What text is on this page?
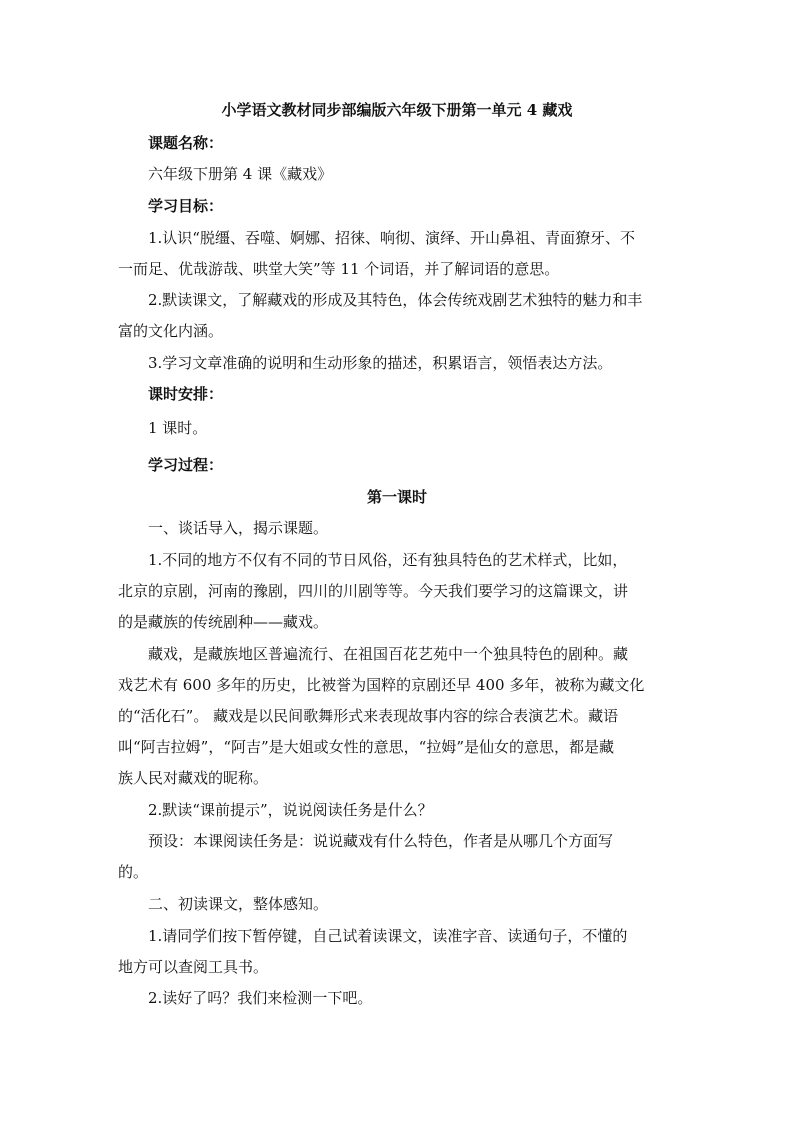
小学语文教材同步部编版六年级下册第一单元 4 藏戏
课题名称：
六年级下册第 4 课《藏戏》
学习目标：
1.认识“脱缰、吞噬、婀娜、招徕、响彻、演绎、开山鼻祖、青面獠牙、不
一而足、优哉游哉、哄堂大笑”等 11 个词语，并了解词语的意思。
2.默读课文，了解藏戏的形成及其特色，体会传统戏剧艺术独特的魅力和丰
富的文化内涵。
3.学习文章准确的说明和生动形象的描述，积累语言，领悟表达方法。
课时安排：
1 课时。
学习过程：
第一课时
一、谈话导入，揭示课题。
1.不同的地方不仅有不同的节日风俗，还有独具特色的艺术样式，比如，
北京的京剧，河南的豫剧，四川的川剧等等。今天我们要学习的这篇课文，讲
的是藏族的传统剧种——藏戏。
藏戏，是藏族地区普遍流行、在祖国百花艺苑中一个独具特色的剧种。藏
戏艺术有 600 多年的历史，比被誉为国粹的京剧还早 400 多年，被称为藏文化
的“活化石”。 藏戏是以民间歌舞形式来表现故事内容的综合表演艺术。藏语
叫“阿吉拉姆”，“阿吉”是大姐或女性的意思，“拉姆”是仙女的意思，都是藏
族人民对藏戏的昵称。
2.默读“课前提示”，说说阅读任务是什么？
预设：本课阅读任务是：说说藏戏有什么特色，作者是从哪几个方面写
的。
二、初读课文，整体感知。
1.请同学们按下暂停键，自己试着读课文，读准字音、读通句子，不懂的
地方可以查阅工具书。
2.读好了吗？我们来检测一下吧。
